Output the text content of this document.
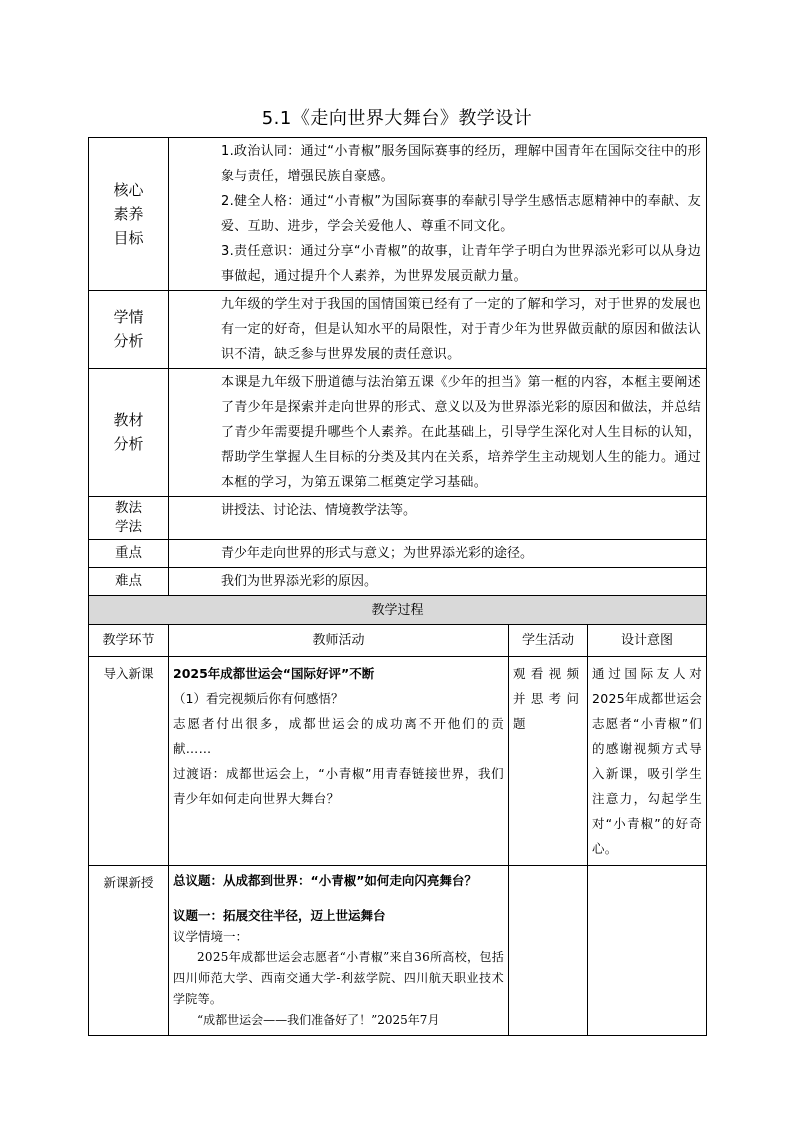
5.1《走向世界大舞台》教学设计
核心素养目标	1.政治认同：通过“小青椒”服务国际赛事的经历，理解中国青年在国际交往中的形象与责任，增强民族自豪感。

2.健全人格：通过“小青椒”为国际赛事的奉献引导学生感悟志愿精神中的奉献、友爱、互助、进步，学会关爱他人、尊重不同文化。

3.责任意识：通过分享“小青椒”的故事，让青年学子明白为世界添光彩可以从身边事做起，通过提升个人素养，为世界发展贡献力量。		

学情分析	九年级的学生对于我国的国情国策已经有了一定的了解和学习，对于世界的发展也有一定的好奇，但是认知水平的局限性，对于青少年为世界做贡献的原因和做法认识不清，缺乏参与世界发展的责任意识。		
教材分析	本课是九年级下册道德与法治第五课《少年的担当》第一框的内容，本框主要阐述了青少年是探索并走向世界的形式、意义以及为世界添光彩的原因和做法，并总结了青少年需要提升哪些个人素养。在此基础上，引导学生深化对人生目标的认知，帮助学生掌握人生目标的分类及其内在关系，培养学生主动规划人生的能力。通过本框的学习，为第五课第二框奠定学习基础。		
教法学法	讲授法、讨论法、情境教学法等。		
重点	青少年走向世界的形式与意义；为世界添光彩的途径。		
难点	我们为世界添光彩的原因。		
教学过程			
教学环节	教师活动	学生活动	设计意图
导入新课	2025年成都世运会“国际好评”不断

（1）看完视频后你有何感悟？

志愿者付出很多，成都世运会的成功离不开他们的贡献……

过渡语：成都世运会上，“小青椒”用青春链接世界，我们青少年如何走向世界大舞台？	观看视频并思考问题	通过国际友人对2025年成都世运会志愿者“小青椒”们的感谢视频方式导入新课，吸引学生注意力，勾起学生对“小青椒”的好奇心。
新课新授	总议题：从成都到世界：“小青椒”如何走向闪亮舞台？

议题一：拓展交往半径，迈上世运舞台

议学情境一：

2025年成都世运会志愿者“小青椒”来自36所高校，包括四川师范大学、西南交通大学-利兹学院、四川航天职业技术学院等。

“成都世运会——我们准备好了！”2025年7月		
